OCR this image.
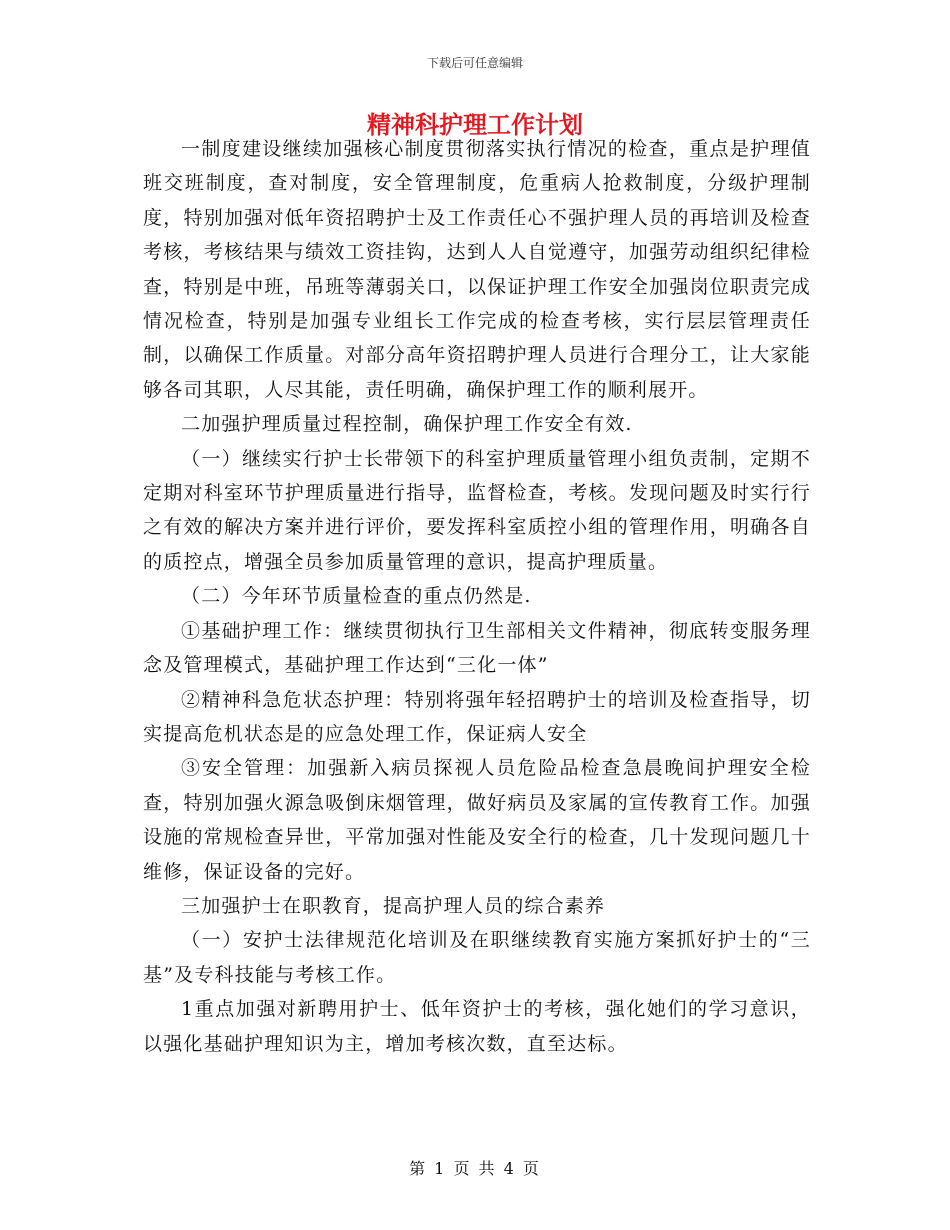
下载后可任意编辑
精神科护理工作计划

一制度建设继续加强核心制度贯彻落实执行情况的检查，重点是护理值班交班制度，查对制度，安全管理制度，危重病人抢救制度，分级护理制度，特别加强对低年资招聘护士及工作责任心不强护理人员的再培训及检查考核，考核结果与绩效工资挂钩，达到人人自觉遵守，加强劳动组织纪律检查，特别是中班，吊班等薄弱关口，以保证护理工作安全加强岗位职责完成情况检查，特别是加强专业组长工作完成的检查考核，实行层层管理责任制，以确保工作质量。对部分高年资招聘护理人员进行合理分工，让大家能够各司其职，人尽其能，责任明确，确保护理工作的顺利展开。

二加强护理质量过程控制，确保护理工作安全有效.

（一）继续实行护士长带领下的科室护理质量管理小组负责制，定期不定期对科室环节护理质量进行指导，监督检查，考核。发现问题及时实行行之有效的解决方案并进行评价，要发挥科室质控小组的管理作用，明确各自的质控点，增强全员参加质量管理的意识，提高护理质量。

（二）今年环节质量检查的重点仍然是.

①基础护理工作：继续贯彻执行卫生部相关文件精神，彻底转变服务理念及管理模式，基础护理工作达到“三化一体”

②精神科急危状态护理：特别将强年轻招聘护士的培训及检查指导，切实提高危机状态是的应急处理工作，保证病人安全

③安全管理：加强新入病员探视人员危险品检查急晨晚间护理安全检查，特别加强火源急吸倒床烟管理，做好病员及家属的宣传教育工作。加强设施的常规检查异世，平常加强对性能及安全行的检查，几十发现问题几十维修，保证设备的完好。

三加强护士在职教育，提高护理人员的综合素养

（一）安护士法律规范化培训及在职继续教育实施方案抓好护士的“三基”及专科技能与考核工作。

1重点加强对新聘用护士、低年资护士的考核，强化她们的学习意识，以强化基础护理知识为主，增加考核次数，直至达标。

第 1 页 共 4 页
